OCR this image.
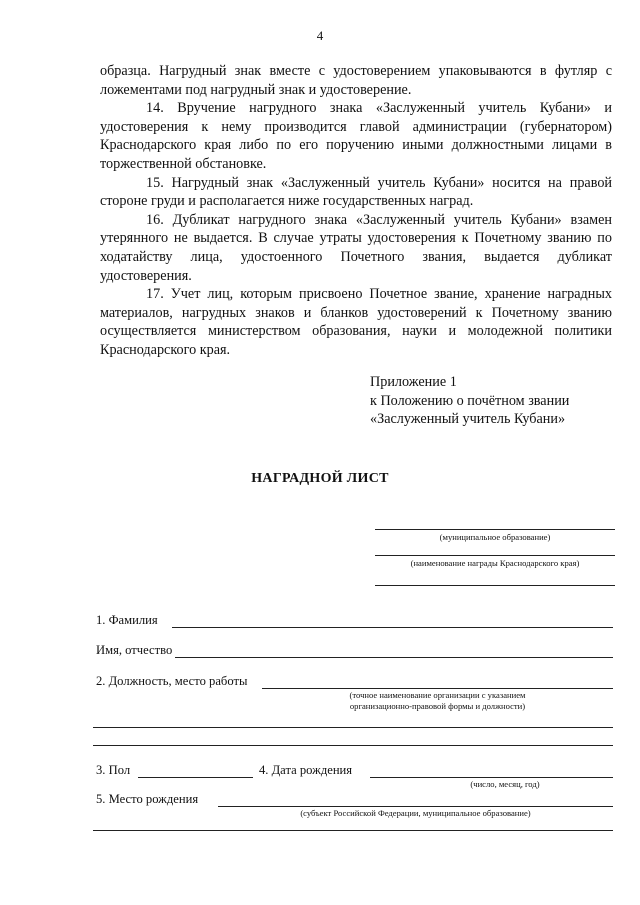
4

образца. Нагрудный знак вместе с удостоверением упаковываются в футляр с ложементами под нагрудный знак и удостоверение.

14. Вручение нагрудного знака «Заслуженный учитель Кубани» и удостоверения к нему производится главой администрации (губернатором) Краснодарского края либо по его поручению иными должностными лицами в торжественной обстановке.

15. Нагрудный знак «Заслуженный учитель Кубани» носится на правой стороне груди и располагается ниже государственных наград.

16. Дубликат нагрудного знака «Заслуженный учитель Кубани» взамен утерянного не выдается. В случае утраты удостоверения к Почетному званию по ходатайству лица, удостоенного Почетного звания, выдается дубликат удостоверения.

17. Учет лиц, которым присвоено Почетное звание, хранение наградных материалов, нагрудных знаков и бланков удостоверений к Почетному званию осуществляется министерством образования, науки и молодежной политики Краснодарского края.

Приложение 1
к Положению о почётном звании
«Заслуженный учитель Кубани»
НАГРАДНОЙ ЛИСТ
(муниципальное образование)
(наименование награды Краснодарского края)
1. Фамилия
Имя, отчество
2. Должность, место работы
(точное наименование организации с указанием
организационно-правовой формы и должности)
3. Пол	4. Дата рождения
(число, месяц, год)
5. Место рождения
(субъект Российской Федерации, муниципальное образование)
